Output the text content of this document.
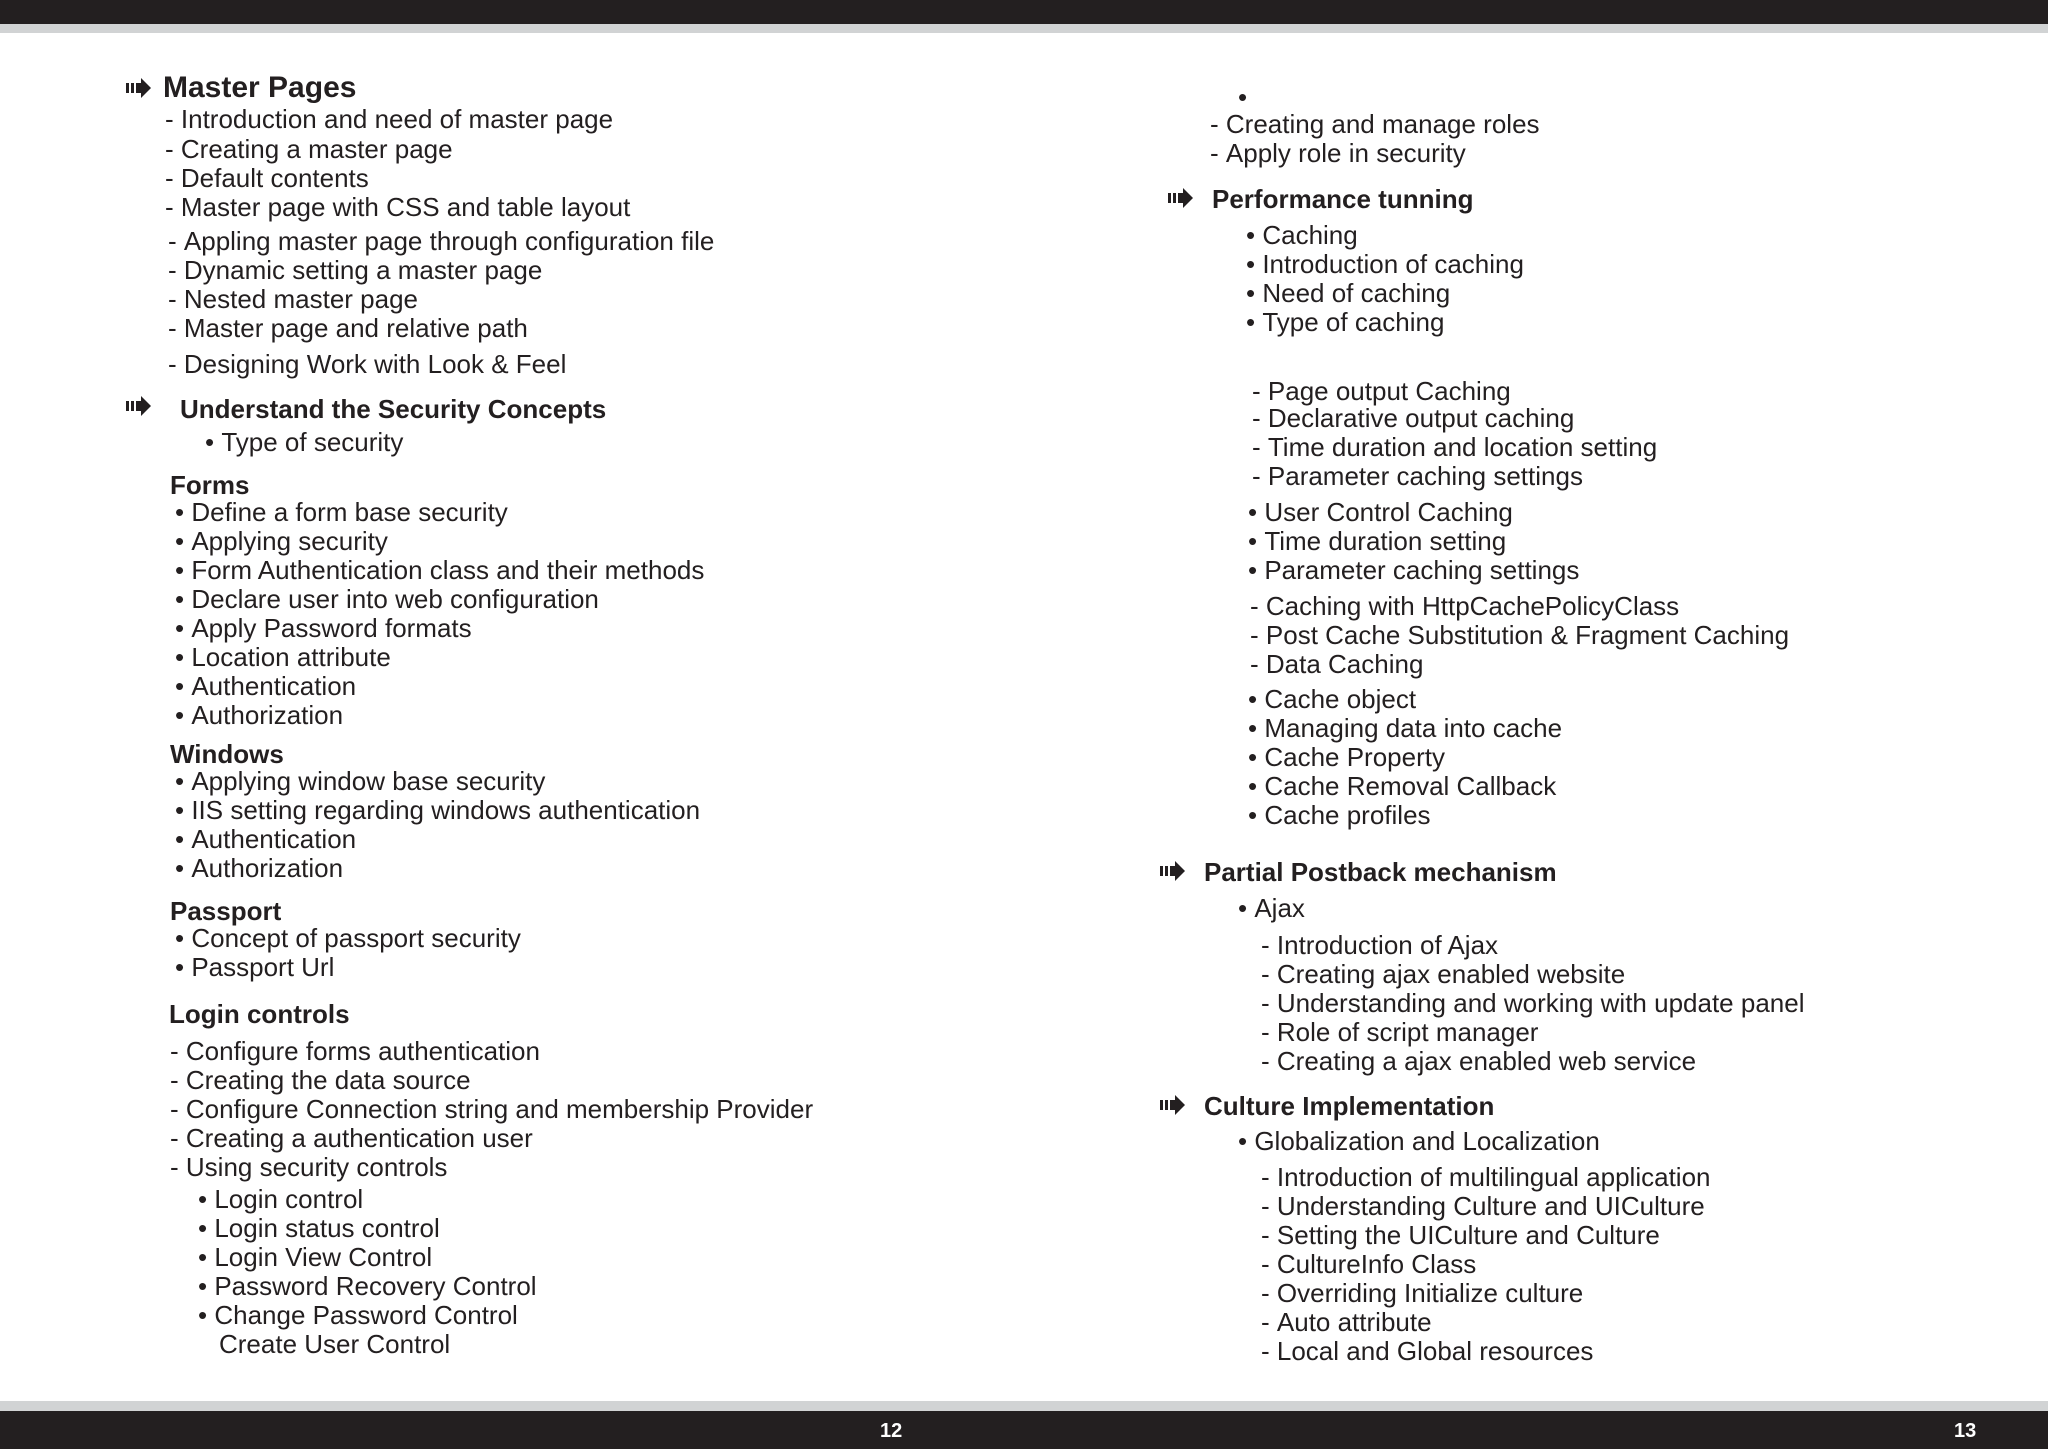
12	13
Master Pages
- Introduction and need of master page
- Creating a master page
- Default contents
- Master page with CSS and table layout
- Appling master page through configuration file
- Dynamic setting a master page
- Nested master page
- Master page and relative path
- Designing Work with Look & Feel
Understand the Security Concepts
• Type of security
Forms
• Define a form base security
• Applying security
• Form Authentication class and their methods
• Declare user into web configuration
• Apply Password formats
• Location attribute
• Authentication
• Authorization
Windows
• Applying window base security
• IIS setting regarding windows authentication
• Authentication
• Authorization
Passport
• Concept of passport security
• Passport Url
Login controls
- Configure forms authentication
- Creating the data source
- Configure Connection string and membership Provider
- Creating a authentication user
- Using security controls
• Login control
• Login status control
• Login View Control
• Password Recovery Control
• Change Password Control
Create User Control
•
- Creating and manage roles
- Apply role in security
Performance tunning
• Caching
• Introduction of caching
• Need of caching
• Type of caching
- Page output Caching
- Declarative output caching
- Time duration and location setting
- Parameter caching settings
• User Control Caching
• Time duration setting
• Parameter caching settings
- Caching with HttpCachePolicyClass
- Post Cache Substitution & Fragment Caching
- Data Caching
• Cache object
• Managing data into cache
• Cache Property
• Cache Removal Callback
• Cache profiles
Partial Postback mechanism
• Ajax
- Introduction of Ajax
- Creating ajax enabled website
- Understanding and working with update panel
- Role of script manager
- Creating a ajax enabled web service
Culture Implementation
• Globalization and Localization
- Introduction of multilingual application
- Understanding Culture and UICulture
- Setting the UICulture and Culture
- CultureInfo Class
- Overriding Initialize culture
- Auto attribute
- Local and Global resources
